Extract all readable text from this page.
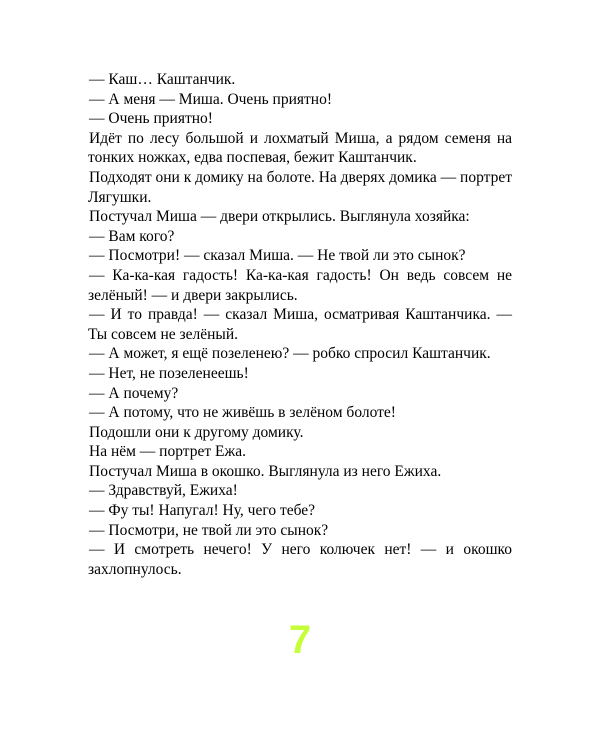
— Каш… Каштанчик.

— А меня — Миша. Очень приятно!

— Очень приятно!

Идёт по лесу большой и лохматый Миша, а рядом семеня на тонких ножках, едва поспевая, бежит Каштанчик.

Подходят они к домику на болоте. На дверях домика — портрет Лягушки.

Постучал Миша — двери открылись. Выглянула хозяйка:

— Вам кого?

— Посмотри! — сказал Миша. — Не твой ли это сынок?

— Ка-ка-кая гадость! Ка-ка-кая гадость! Он ведь совсем не зелёный! — и двери закрылись.

— И то правда! — сказал Миша, осматривая Каштанчика. — Ты совсем не зелёный.

— А может, я ещё позеленею? — робко спросил Каштанчик.

— Нет, не позеленеешь!

— А почему?

— А потому, что не живёшь в зелёном болоте!

Подошли они к другому домику.

На нём — портрет Ежа.

Постучал Миша в окошко. Выглянула из него Ежиха.

— Здравствуй, Ежиха!

— Фу ты! Напугал! Ну, чего тебе?

— Посмотри, не твой ли это сынок?

— И смотреть нечего! У него колючек нет! — и окошко захлопнулось.

7
